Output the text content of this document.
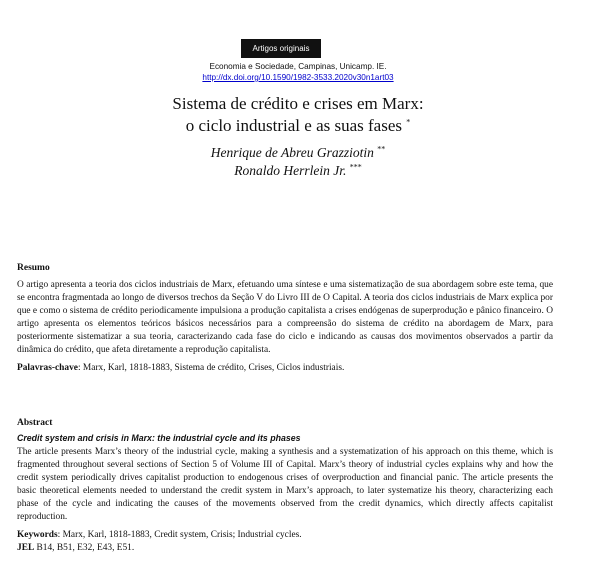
Artigos originais
Economia e Sociedade, Campinas, Unicamp. IE.
http://dx.doi.org/10.1590/1982-3533.2020v30n1art03
Sistema de crédito e crises em Marx:
o ciclo industrial e as suas fases *
Henrique de Abreu Grazziotin **
Ronaldo Herrlein Jr. ***
Resumo
O artigo apresenta a teoria dos ciclos industriais de Marx, efetuando uma síntese e uma sistematização de sua abordagem sobre este tema, que se encontra fragmentada ao longo de diversos trechos da Seção V do Livro III de O Capital. A teoria dos ciclos industriais de Marx explica por que e como o sistema de crédito periodicamente impulsiona a produção capitalista a crises endógenas de superprodução e pânico financeiro. O artigo apresenta os elementos teóricos básicos necessários para a compreensão do sistema de crédito na abordagem de Marx, para posteriormente sistematizar a sua teoria, caracterizando cada fase do ciclo e indicando as causas dos movimentos observados a partir da dinâmica do crédito, que afeta diretamente a reprodução capitalista.
Palavras-chave: Marx, Karl, 1818-1883, Sistema de crédito, Crises, Ciclos industriais.
Abstract
Credit system and crisis in Marx: the industrial cycle and its phases
The article presents Marx’s theory of the industrial cycle, making a synthesis and a systematization of his approach on this theme, which is fragmented throughout several sections of Section 5 of Volume III of Capital. Marx’s theory of industrial cycles explains why and how the credit system periodically drives capitalist production to endogenous crises of overproduction and financial panic. The article presents the basic theoretical elements needed to understand the credit system in Marx’s approach, to later systematize his theory, characterizing each phase of the cycle and indicating the causes of the movements observed from the credit dynamics, which directly affects capitalist reproduction.
Keywords: Marx, Karl, 1818-1883, Credit system, Crisis; Industrial cycles.
JEL B14, B51, E32, E43, E51.
